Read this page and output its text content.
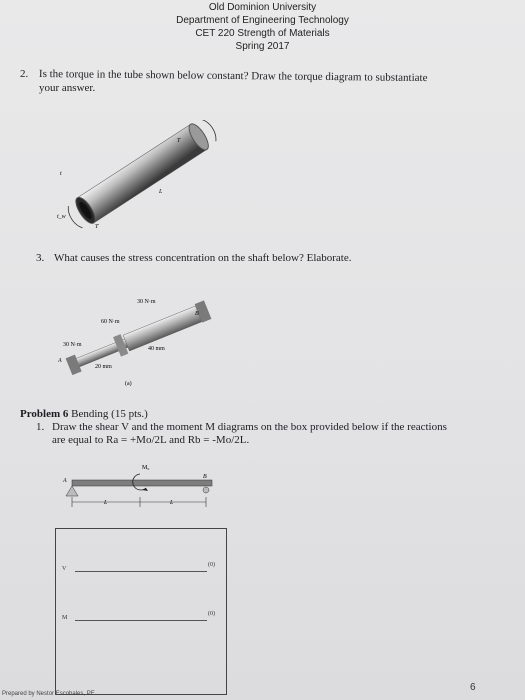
Old Dominion University
Department of Engineering Technology
CET 220 Strength of Materials
Spring 2017
2. Is the torque in the tube shown below constant? Draw the torque diagram to substantiate
your answer.
T
t
L
T
t_w
3. What causes the stress concentration on the shaft below? Elaborate.
30 N·m
60 N·m
30 N·m
40 mm
20 mm
A
B
(a)
Problem 6 Bending (15 pts.)
1. Draw the shear V and the moment M diagrams on the box provided below if the reactions
are equal to Ra = +Mo/2L and Rb = -Mo/2L.
M₀
A
B
L	L
V
(0)
M
(0)
Prepared by Nestor Escobales, PE
6
